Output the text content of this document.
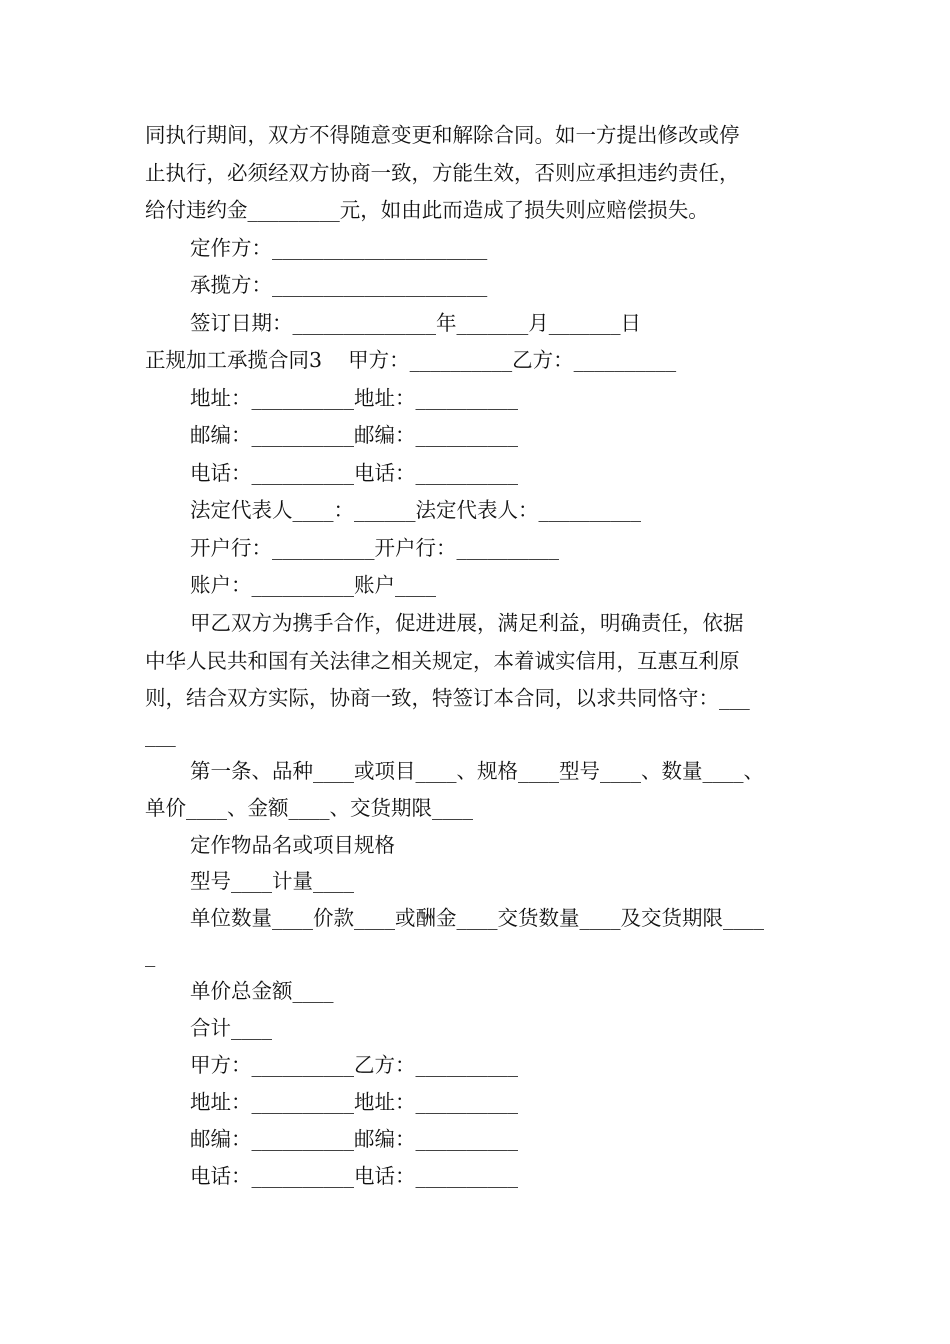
同执行期间，双方不得随意变更和解除合同。如一方提出修改或停
止执行，必须经双方协商一致，方能生效，否则应承担违约责任，
给付违约金_________元，如由此而造成了损失则应赔偿损失。
定作方：_____________________
承揽方：_____________________
签订日期：______________年_______月_______日
正规加工承揽合同3    甲方：__________乙方：__________
地址：__________地址：__________
邮编：__________邮编：__________
电话：__________电话：__________
法定代表人____：______法定代表人：__________
开户行：__________开户行：__________
账户：__________账户____
甲乙双方为携手合作，促进进展，满足利益，明确责任，依据
中华人民共和国有关法律之相关规定，本着诚实信用，互惠互利原
则，结合双方实际，协商一致，特签订本合同，以求共同恪守：___
___
第一条、品种____或项目____、规格____型号____、数量____、
单价____、金额____、交货期限____
定作物品名或项目规格
型号____计量____
单位数量____价款____或酬金____交货数量____及交货期限____
_
单价总金额____
合计____
甲方：__________乙方：__________
地址：__________地址：__________
邮编：__________邮编：__________
电话：__________电话：__________
